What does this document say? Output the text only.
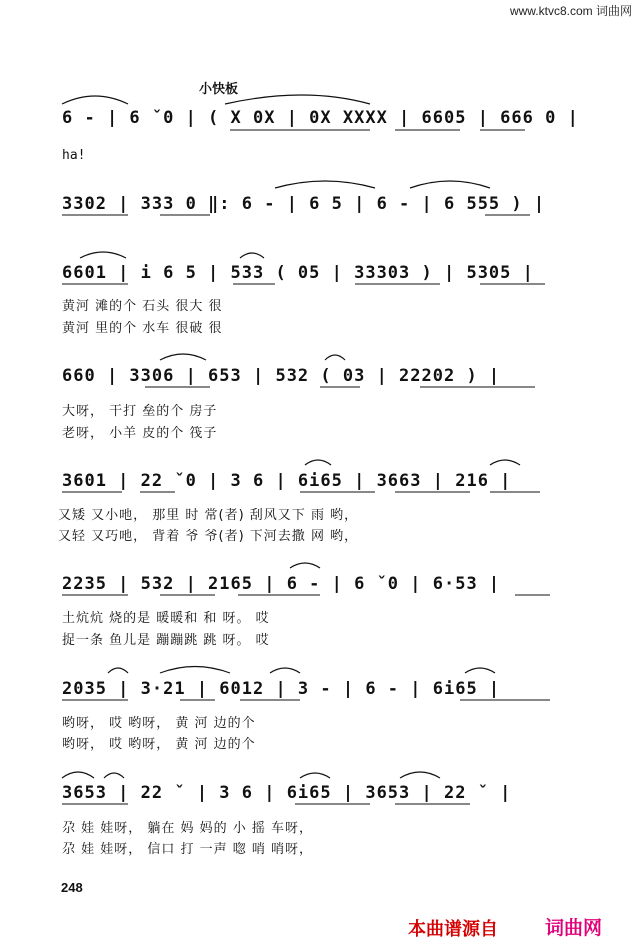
www.ktvc8.com 词曲网
小快板
6 - | 6 ˇ0 | ( X 0X | 0X XXXX | 6605 | 666 0 |
ha!
3302 | 333 0 ‖: 6 - | 6 5 | 6 - | 6 555 ) |
6601 | i 6 5 | 533 ( 05 | 33303 ) | 5305 |
黄河 滩的个 石头 很大 很
黄河 里的个 水车 很破 很
660 | 3306 | 653 | 532 ( 03 | 22202 ) |
大呀， 干打 垒的个 房子
老呀， 小羊 皮的个 筏子
3601 | 22 ˇ0 | 3 6 | 6i65 | 3663 | 216 |
又矮 又小吔， 那里 时 常(者) 刮风又下 雨 哟，
又轻 又巧吔， 背着 爷 爷(者) 下河去撒 网 哟，
2235 | 532 | 2165 | 6 - | 6 ˇ0 | 6·53 |
土炕炕 烧的是 暖暖和 和 呀。 哎
捉一条 鱼儿是 蹦蹦跳 跳 呀。 哎
2035 | 3·21 | 6012 | 3 - | 6 - | 6i65 |
哟呀， 哎 哟呀， 黄 河 边的个
哟呀， 哎 哟呀， 黄 河 边的个
3653 | 22 ˇ | 3 6 | 6i65 | 3653 | 22 ˇ |
尕 娃 娃呀， 躺在 妈 妈的 小 摇 车呀，
尕 娃 娃呀， 信口 打 一声 唿 哨 哨呀，
248
本曲谱源自 词曲网
